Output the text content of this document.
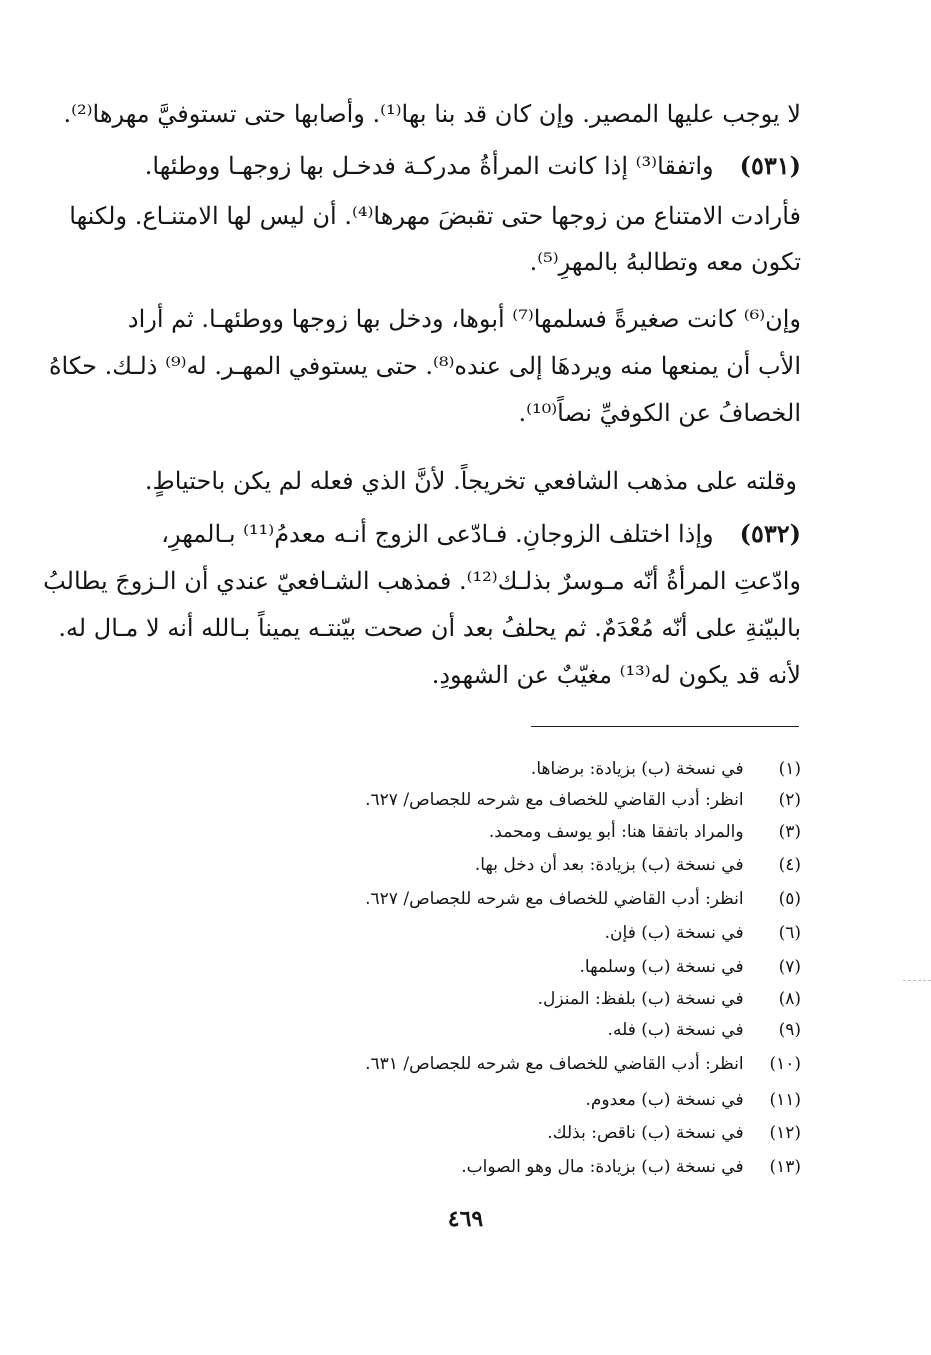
لا يوجب عليها المصير. وإن كان قد بنا بها⁽¹⁾. وأصابها حتى تستوفيَّ مهرها⁽²⁾.
(٥٣١)واتفقا⁽³⁾ إذا كانت المرأةُ مدركـة فدخـل بها زوجهـا ووطئها.
فأرادت الامتناع من زوجها حتى تقبضَ مهرها⁽⁴⁾. أن ليس لها الامتنـاع. ولكنها
تكون معه وتطالبهُ بالمهرِ⁽⁵⁾.
وإن⁽⁶⁾ كانت صغيرةً فسلمها⁽⁷⁾ أبوها، ودخل بها زوجها ووطئهـا. ثم أراد
الأب أن يمنعها منه ويردهَا إلى عنده⁽⁸⁾. حتى يستوفي المهـر. له⁽⁹⁾ ذلـك. حكاهُ
الخصافُ عن الكوفيِّ نصاً⁽¹⁰⁾.
وقلته على مذهب الشافعي تخريجاً. لأنَّ الذي فعله لم يكن باحتياطٍ.
(٥٣٢)وإذا اختلف الزوجانِ. فـادّعى الزوج أنـه معدمُ⁽¹¹⁾ بـالمهرِ،
وادّعتِ المرأةُ أنّه مـوسرٌ بذلـك⁽¹²⁾. فمذهب الشـافعيّ عندي أن الـزوجَ يطالبُ
بالبيّنةِ على أنّه مُعْدَمٌ. ثم يحلفُ بعد أن صحت بيّنتـه يميناً بـالله أنه لا مـال له.
لأنه قد يكون له⁽¹³⁾ مغيّبٌ عن الشهودِ.
(١) في نسخة (ب) بزيادة: برضاها.
(٢) انظر: أدب القاضي للخصاف مع شرحه للجصاص/ ٦٢٧.
(٣) والمراد باتفقا هنا: أبو يوسف ومحمد.
(٤) في نسخة (ب) بزيادة: بعد أن دخل بها.
(٥) انظر: أدب القاضي للخصاف مع شرحه للجصاص/ ٦٢٧.
(٦) في نسخة (ب) فإن.
(٧) في نسخة (ب) وسلمها.
(٨) في نسخة (ب) بلفظ: المنزل.
(٩) في نسخة (ب) فله.
(١٠) انظر: أدب القاضي للخصاف مع شرحه للجصاص/ ٦٣١.
(١١) في نسخة (ب) معدوم.
(١٢) في نسخة (ب) ناقص: بذلك.
(١٣) في نسخة (ب) بزيادة: مال وهو الصواب.
٤٦٩
